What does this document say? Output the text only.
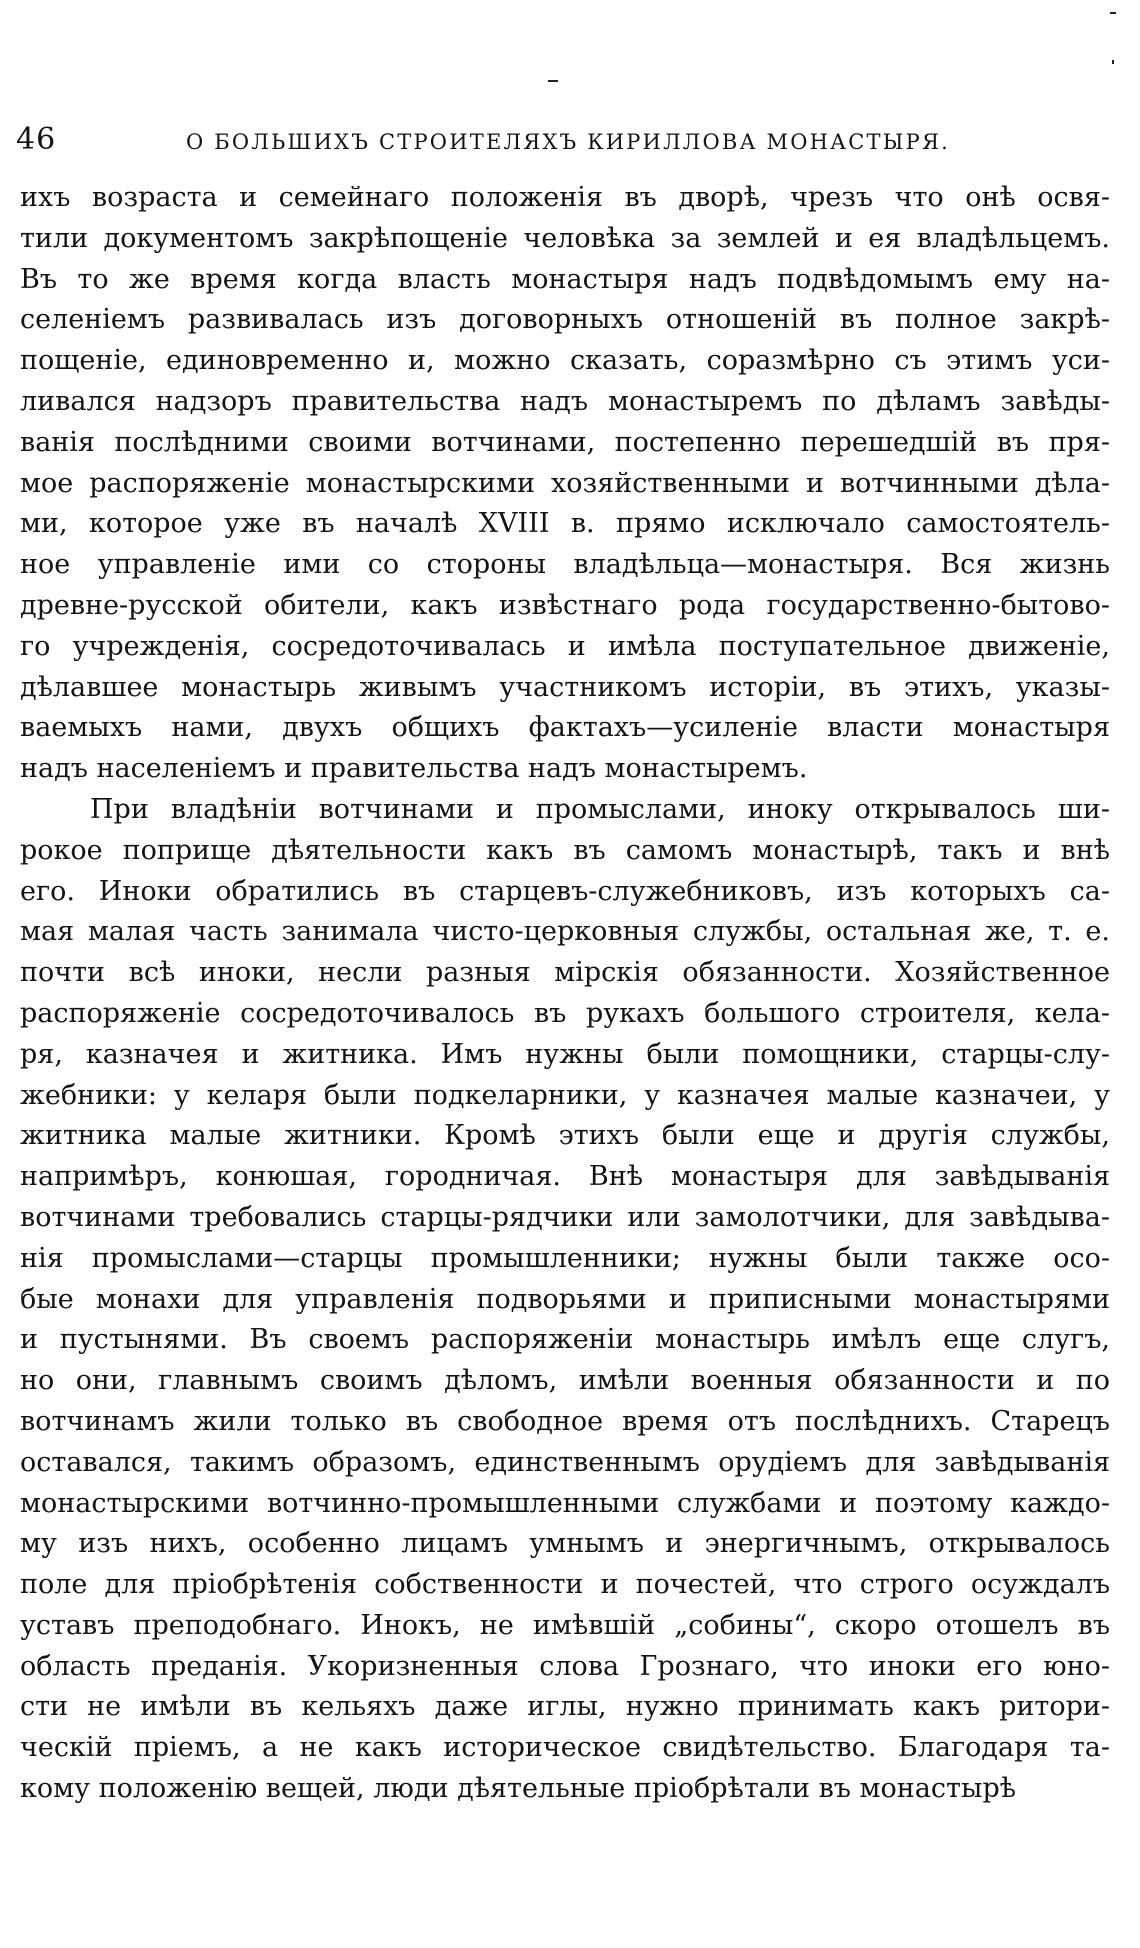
46	О БОЛЬШИХЪ СТРОИТЕЛЯХЪ КИРИЛЛОВА МОНАСТЫРЯ.
ихъ возраста и семейнаго положенія въ дворѣ, чрезъ что онѣ освя-
тили документомъ закрѣпощеніе человѣка за землей и ея владѣльцемъ.
Въ то же время когда власть монастыря надъ подвѣдомымъ ему на-
селеніемъ развивалась изъ договорныхъ отношеній въ полное закрѣ-
пощеніе, единовременно и, можно сказать, соразмѣрно съ этимъ уси-
ливался надзоръ правительства надъ монастыремъ по дѣламъ завѣды-
ванія послѣдними своими вотчинами, постепенно перешедшій въ пря-
мое распоряженіе монастырскими хозяйственными и вотчинными дѣла-
ми, которое уже въ началѣ XVIII в. прямо исключало самостоятель-
ное управленіе ими со стороны владѣльца—монастыря. Вся жизнь
древне-русской обители, какъ извѣстнаго рода государственно-бытово-
го учрежденія, сосредоточивалась и имѣла поступательное движеніе,
дѣлавшее монастырь живымъ участникомъ исторіи, въ этихъ, указы-
ваемыхъ нами, двухъ общихъ фактахъ—усиленіе власти монастыря
надъ населеніемъ и правительства надъ монастыремъ.
При владѣніи вотчинами и промыслами, иноку открывалось ши-
рокое поприще дѣятельности какъ въ самомъ монастырѣ, такъ и внѣ
его. Иноки обратились въ старцевъ-служебниковъ, изъ которыхъ са-
мая малая часть занимала чисто-церковныя службы, остальная же, т. е.
почти всѣ иноки, несли разныя мірскія обязанности. Хозяйственное
распоряженіе сосредоточивалось въ рукахъ большого строителя, кела-
ря, казначея и житника. Имъ нужны были помощники, старцы-слу-
жебники: у келаря были подкеларники, у казначея малые казначеи, у
житника малые житники. Кромѣ этихъ были еще и другія службы,
напримѣръ, конюшая, городничая. Внѣ монастыря для завѣдыванія
вотчинами требовались старцы-рядчики или замолотчики, для завѣдыва-
нія промыслами—старцы промышленники; нужны были также осо-
бые монахи для управленія подворьями и приписными монастырями
и пустынями. Въ своемъ распоряженіи монастырь имѣлъ еще слугъ,
но они, главнымъ своимъ дѣломъ, имѣли военныя обязанности и по
вотчинамъ жили только въ свободное время отъ послѣднихъ. Старецъ
оставался, такимъ образомъ, единственнымъ орудіемъ для завѣдыванія
монастырскими вотчинно-промышленными службами и поэтому каждо-
му изъ нихъ, особенно лицамъ умнымъ и энергичнымъ, открывалось
поле для пріобрѣтенія собственности и почестей, что строго осуждалъ
уставъ преподобнаго. Инокъ, не имѣвшій „собины“, скоро отошелъ въ
область преданія. Укоризненныя слова Грознаго, что иноки его юно-
сти не имѣли въ кельяхъ даже иглы, нужно принимать какъ ритори-
ческій пріемъ, а не какъ историческое свидѣтельство. Благодаря та-
кому положенію вещей, люди дѣятельные пріобрѣтали въ монастырѣ
